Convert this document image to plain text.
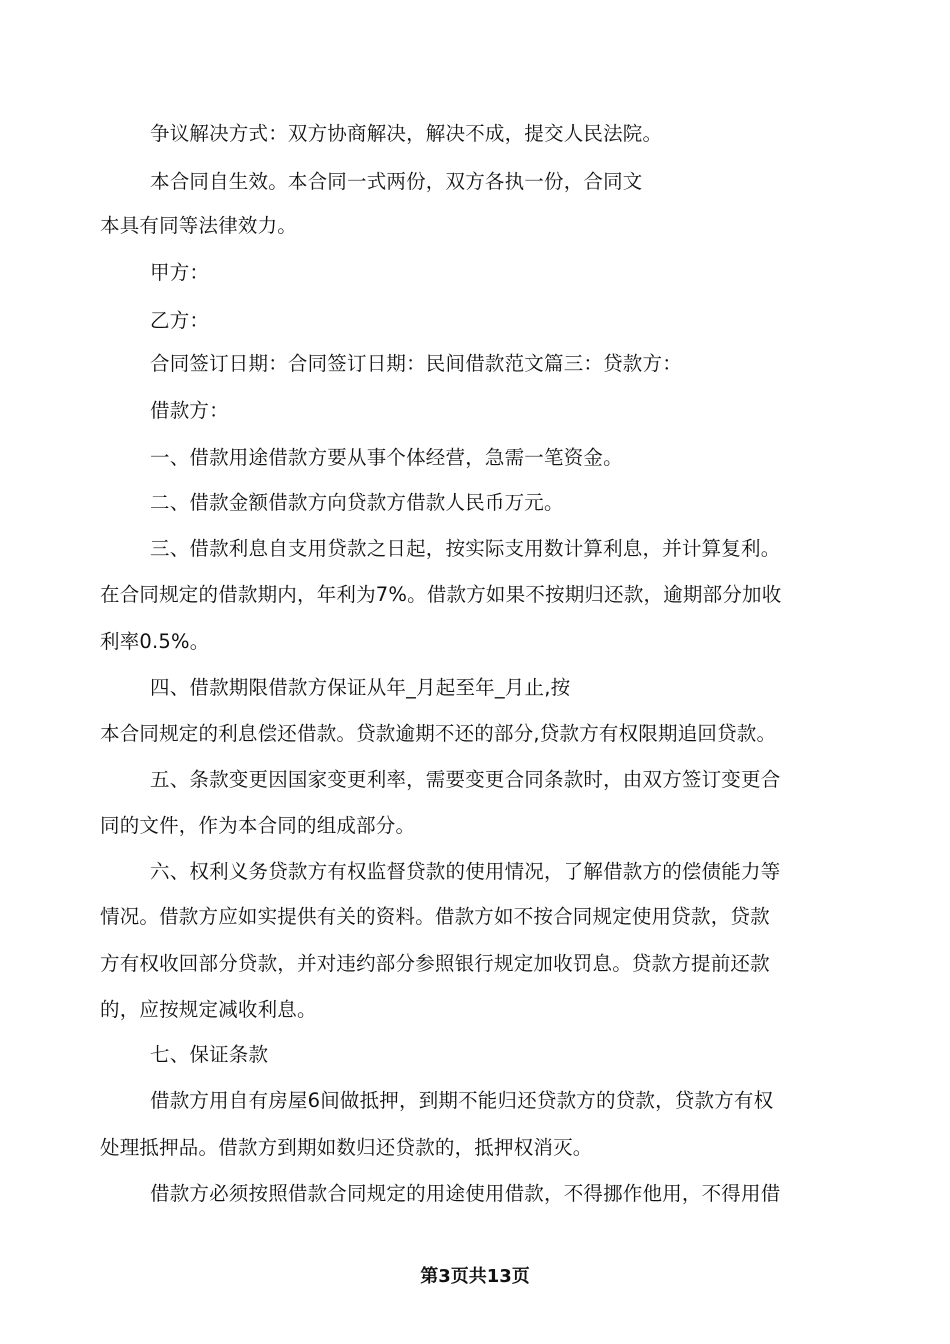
争议解决方式：双方协商解决，解决不成，提交人民法院。
本合同自生效。本合同一式两份，双方各执一份，合同文
本具有同等法律效力。
甲方：
乙方：
合同签订日期：合同签订日期：民间借款范文篇三：贷款方：
借款方：
一、借款用途借款方要从事个体经营，急需一笔资金。
二、借款金额借款方向贷款方借款人民币万元。
三、借款利息自支用贷款之日起，按实际支用数计算利息，并计算复利。
在合同规定的借款期内，年利为7%。借款方如果不按期归还款，逾期部分加收
利率0.5%。
四、借款期限借款方保证从年_月起至年_月止,按
本合同规定的利息偿还借款。贷款逾期不还的部分,贷款方有权限期追回贷款。
五、条款变更因国家变更利率，需要变更合同条款时，由双方签订变更合
同的文件，作为本合同的组成部分。
六、权利义务贷款方有权监督贷款的使用情况，了解借款方的偿债能力等
情况。借款方应如实提供有关的资料。借款方如不按合同规定使用贷款，贷款
方有权收回部分贷款，并对违约部分参照银行规定加收罚息。贷款方提前还款
的，应按规定减收利息。
七、保证条款
借款方用自有房屋6间做抵押，到期不能归还贷款方的贷款，贷款方有权
处理抵押品。借款方到期如数归还贷款的，抵押权消灭。
借款方必须按照借款合同规定的用途使用借款，不得挪作他用，不得用借
第3页共13页
